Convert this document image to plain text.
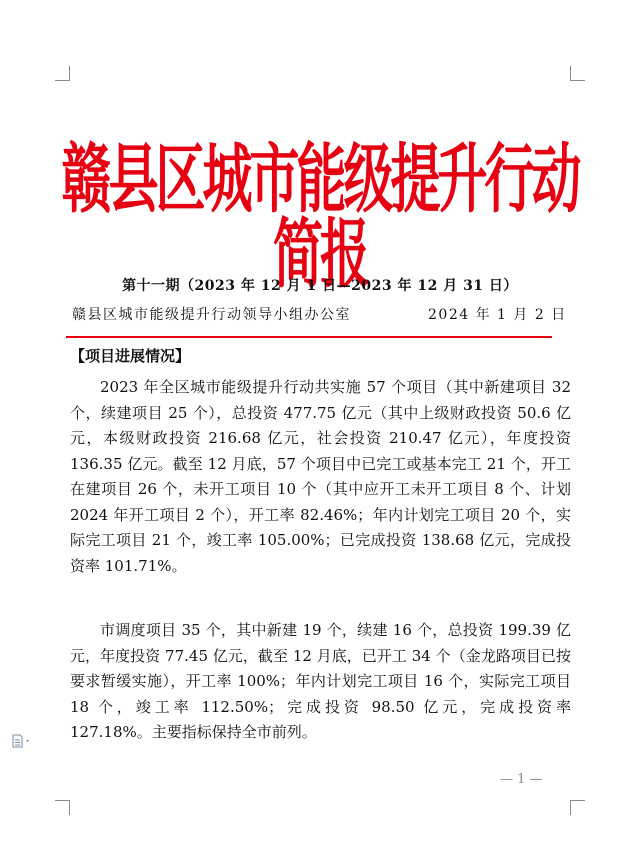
赣县区城市能级提升行动简报
第十一期（2023 年 12 月 1 日—2023 年 12 月 31 日）
赣县区城市能级提升行动领导小组办公室	2024 年 1 月 2 日
【项目进展情况】

2023 年全区城市能级提升行动共实施 57 个项目（其中新建项目 32 个，续建项目 25 个），总投资 477.75 亿元（其中上级财政投资 50.6 亿元，本级财政投资 216.68 亿元，社会投资 210.47 亿元），年度投资 136.35 亿元。截至 12 月底，57 个项目中已完工或基本完工 21 个，开工在建项目 26 个，未开工项目 10 个（其中应开工未开工项目 8 个、计划 2024 年开工项目 2 个），开工率 82.46%；年内计划完工项目 20 个，实际完工项目 21 个，竣工率 105.00%；已完成投资 138.68 亿元，完成投资率 101.71%。

市调度项目 35 个，其中新建 19 个，续建 16 个，总投资 199.39 亿元，年度投资 77.45 亿元，截至 12 月底，已开工 34 个（金龙路项目已按要求暂缓实施），开工率 100%；年内计划完工项目 16 个，实际完工项目 18 个，竣工率 112.50%；完成投资 98.50 亿元，完成投资率 127.18%。主要指标保持全市前列。

— 1 —
